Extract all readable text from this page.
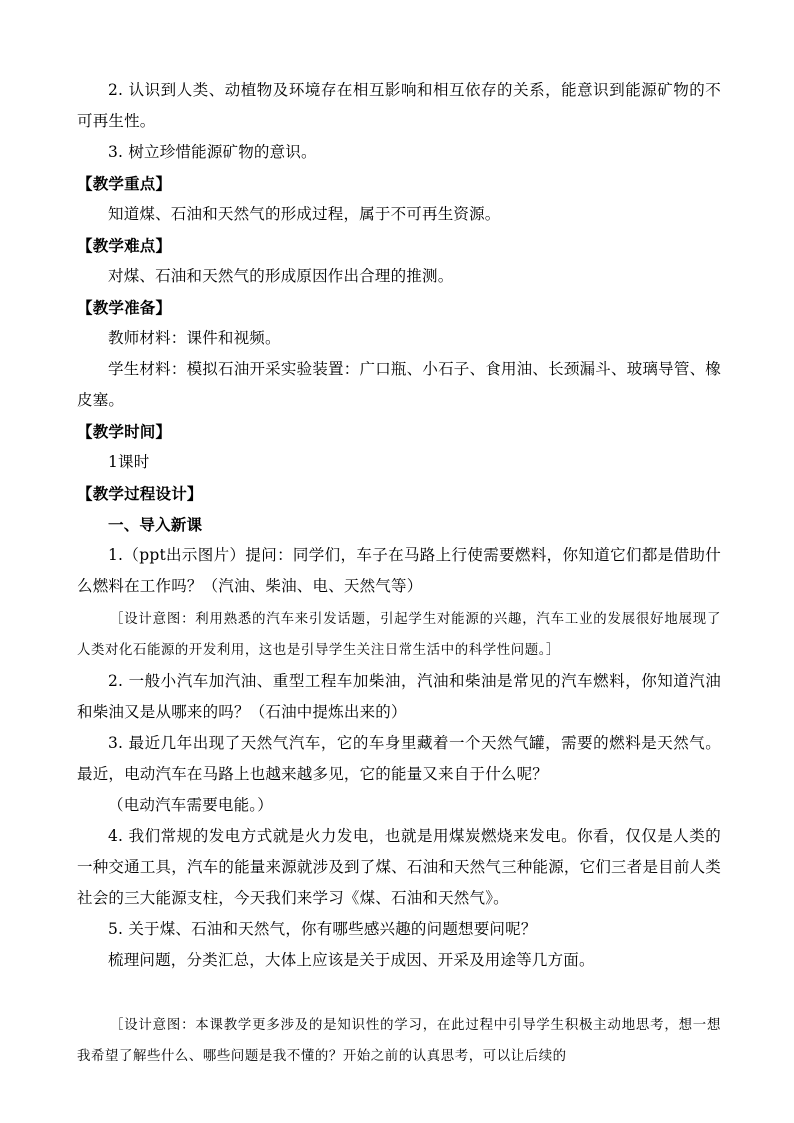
2. 认识到人类、动植物及环境存在相互影响和相互依存的关系，能意识到能源矿物的不可再生性。

3. 树立珍惜能源矿物的意识。

【教学重点】

知道煤、石油和天然气的形成过程，属于不可再生资源。

【教学难点】

对煤、石油和天然气的形成原因作出合理的推测。

【教学准备】

教师材料：课件和视频。

学生材料：模拟石油开采实验装置：广口瓶、小石子、食用油、长颈漏斗、玻璃导管、橡皮塞。

【教学时间】

1课时

【教学过程设计】

一、导入新课

1.（ppt出示图片）提问：同学们，车子在马路上行使需要燃料，你知道它们都是借助什么燃料在工作吗？（汽油、柴油、电、天然气等）

［设计意图：利用熟悉的汽车来引发话题，引起学生对能源的兴趣，汽车工业的发展很好地展现了人类对化石能源的开发利用，这也是引导学生关注日常生活中的科学性问题。］

2. 一般小汽车加汽油、重型工程车加柴油，汽油和柴油是常见的汽车燃料，你知道汽油和柴油又是从哪来的吗？（石油中提炼出来的）

3. 最近几年出现了天然气汽车，它的车身里藏着一个天然气罐，需要的燃料是天然气。最近，电动汽车在马路上也越来越多见，它的能量又来自于什么呢？

（电动汽车需要电能。）

4. 我们常规的发电方式就是火力发电，也就是用煤炭燃烧来发电。你看，仅仅是人类的一种交通工具，汽车的能量来源就涉及到了煤、石油和天然气三种能源，它们三者是目前人类社会的三大能源支柱，今天我们来学习《煤、石油和天然气》。

5. 关于煤、石油和天然气，你有哪些感兴趣的问题想要问呢？

梳理问题，分类汇总，大体上应该是关于成因、开采及用途等几方面。

［设计意图：本课教学更多涉及的是知识性的学习，在此过程中引导学生积极主动地思考，想一想我希望了解些什么、哪些问题是我不懂的？开始之前的认真思考，可以让后续的
